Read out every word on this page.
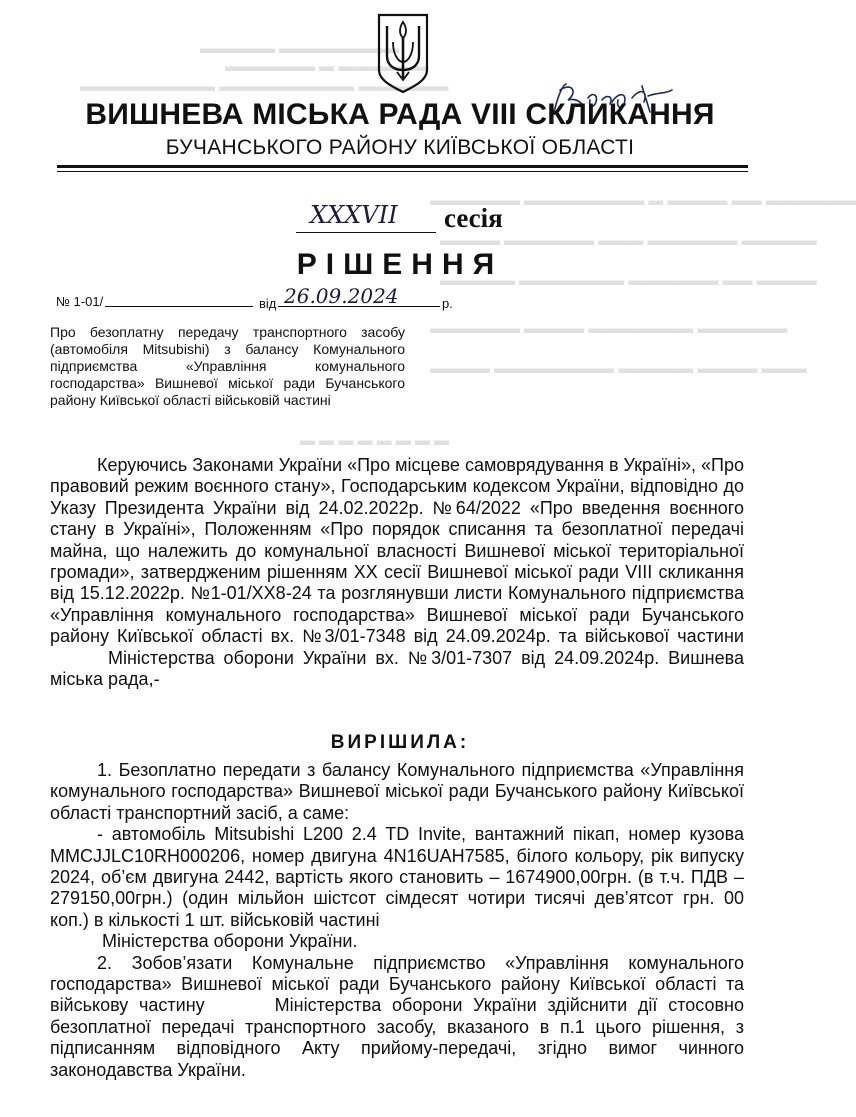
▬▬▬▬▬ ▬▬▬▬▬▬▬▬
▬▬▬▬▬▬ ▬ ▬▬▬▬▬▬
▬▬▬▬▬▬▬▬▬ ▬▬▬▬▬▬▬▬▬ ▬▬▬▬▬▬
▬▬▬▬▬▬ ▬▬▬▬▬▬▬▬ ▬ ▬▬▬▬ ▬▬ ▬▬▬▬▬▬
▬▬▬▬ ▬▬▬▬▬▬ ▬▬▬ ▬▬▬▬▬▬ ▬▬▬▬▬
▬▬▬▬▬ ▬▬▬▬▬▬▬ ▬▬▬▬▬▬ ▬▬ ▬▬▬▬
▬▬▬▬▬▬ ▬▬▬▬ ▬▬▬▬▬▬▬ ▬▬▬▬▬▬
▬▬▬▬ ▬▬▬▬▬▬▬▬ ▬▬▬▬▬ ▬▬▬▬ ▬▬▬
▬ ▬ ▬ ▬ ▬ ▬ ▬ ▬
ВИШНЕВА МІСЬКА РАДА VIII СКЛИКАННЯ
БУЧАНСЬКОГО РАЙОНУ КИЇВСЬКОЇ ОБЛАСТІ
XXXVII сесія
РІШЕННЯ
№ 1-01/	від 26.09.2024	р.
Про безоплатну передачу транспортного засобу (автомобіля Mitsubishi) з балансу Комунального підприємства «Управління комунального господарства» Вишневої міської ради Бучанського району Київської області військовій частині

Керуючись Законами України «Про місцеве самоврядування в Україні», «Про правовий режим воєнного стану», Господарським кодексом України, відповідно до Указу Президента України від 24.02.2022р. №64/2022 «Про введення воєнного стану в Україні», Положенням «Про порядок списання та безоплатної передачі майна, що належить до комунальної власності Вишневої міської територіальної громади», затвердженим рішенням XX сесії Вишневої міської ради VIII скликання від 15.12.2022р. №1-01/XX8-24 та розглянувши листи Комунального підприємства «Управління комунального господарства» Вишневої міської ради Бучанського району Київської області вх. №3/01-7348 від 24.09.2024р. та військової частиниМіністерства оборони України вх. №3/01-7307 від 24.09.2024р. Вишнева міська рада,-

ВИРІШИЛА:

1. Безоплатно передати з балансу Комунального підприємства «Управління комунального господарства» Вишневої міської ради Бучанського району Київської області транспортний засіб, а саме:

- автомобіль Mitsubishi L200 2.4 TD Invite, вантажний пікап, номер кузова MMCJJLC10RH000206, номер двигуна 4N16UAH7585, білого кольору, рік випуску 2024, об’єм двигуна 2442, вартість якого становить – 1674900,00грн. (в т.ч. ПДВ – 279150,00грн.) (один мільйон шістсот сімдесят чотири тисячі дев’ятсот грн. 00 коп.) в кількості 1 шт. військовій частині
Міністерства оборони України.

2. Зобов’язати Комунальне підприємство «Управління комунального господарства» Вишневої міської ради Бучанського району Київської області та військову частину	Міністерства оборони України здійснити дії стосовно безоплатної передачі транспортного засобу, вказаного в п.1 цього рішення, з підписанням відповідного Акту прийому-передачі, згідно вимог чинного законодавства України.
